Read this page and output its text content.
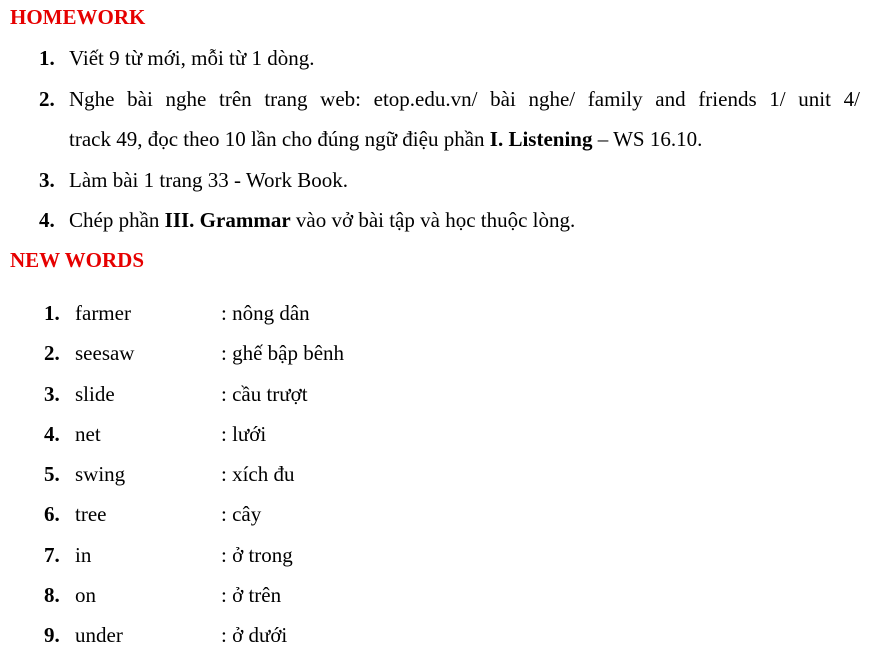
HOMEWORK
1. Viết 9 từ mới, mỗi từ 1 dòng.
2. Nghe bài nghe trên trang web: etop.edu.vn/ bài nghe/ family and friends 1/ unit 4/
track 49, đọc theo 10 lần cho đúng ngữ điệu phần I. Listening – WS 16.10.
3. Làm bài 1 trang 33 - Work Book.
4. Chép phần III. Grammar vào vở bài tập và học thuộc lòng.
NEW WORDS
1. farmer	: nông dân
2. seesaw	: ghế bập bênh
3. slide	: cầu trượt
4. net	: lưới
5. swing	: xích đu
6. tree	: cây
7. in	: ở trong
8. on	: ở trên
9. under	: ở dưới
